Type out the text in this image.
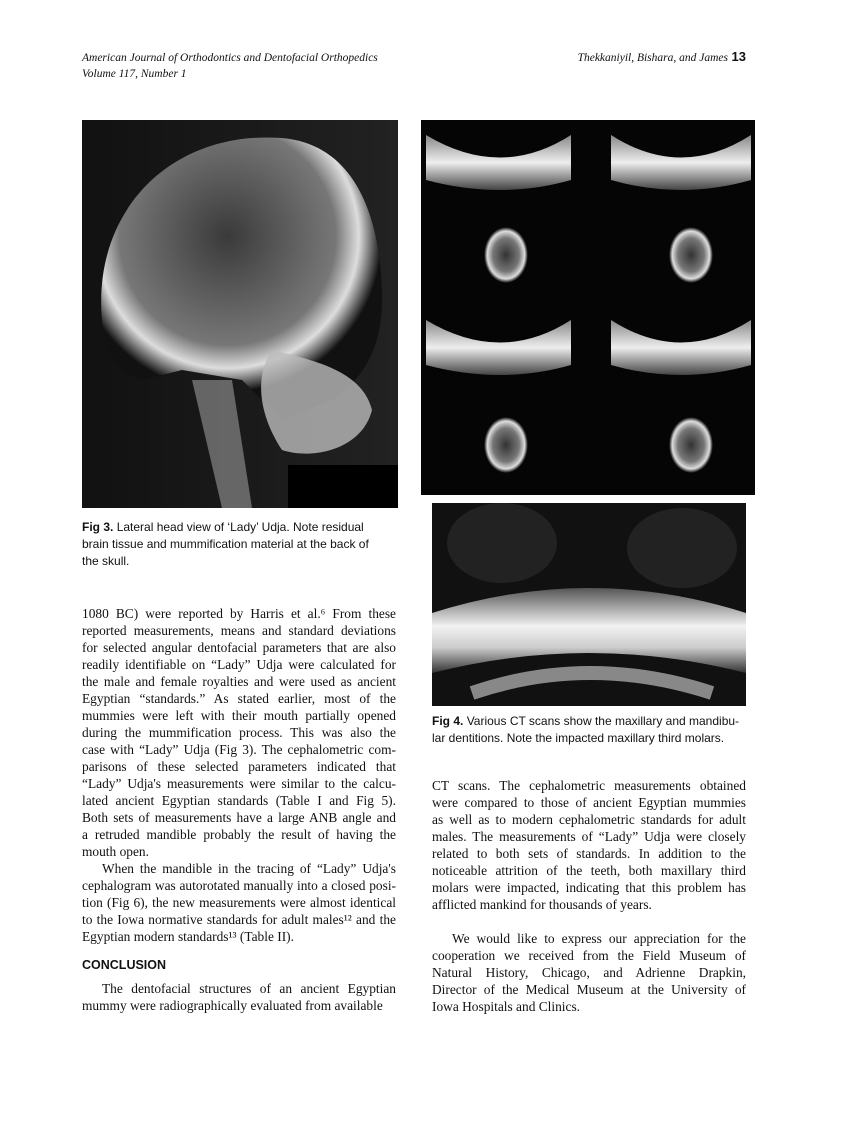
American Journal of Orthodontics and Dentofacial Orthopedics
Volume 117, Number 1
Thekkaniyil, Bishara, and James 13
Fig 3. Lateral head view of ‘Lady’ Udja. Note residual
brain tissue and mummification material at the back of
the skull.
Fig 4. Various CT scans show the maxillary and mandibu-
lar dentitions. Note the impacted maxillary third molars.
1080 BC) were reported by Harris et al.⁶ From these
reported measurements, means and standard deviations
for selected angular dentofacial parameters that are also
readily identifiable on “Lady” Udja were calculated for
the male and female royalties and were used as ancient
Egyptian “standards.” As stated earlier, most of the
mummies were left with their mouth partially opened
during the mummification process. This was also the
case with “Lady” Udja (Fig 3). The cephalometric com-
parisons of these selected parameters indicated that
“Lady” Udja's measurements were similar to the calcu-
lated ancient Egyptian standards (Table I and Fig 5).
Both sets of measurements have a large ANB angle and
a retruded mandible probably the result of having the
mouth open.
When the mandible in the tracing of “Lady” Udja's
cephalogram was autorotated manually into a closed posi-
tion (Fig 6), the new measurements were almost identical
to the Iowa normative standards for adult males¹² and the
Egyptian modern standards¹³ (Table II).
CONCLUSION
The dentofacial structures of an ancient Egyptian
mummy were radiographically evaluated from available
CT scans. The cephalometric measurements obtained
were compared to those of ancient Egyptian mummies
as well as to modern cephalometric standards for adult
males. The measurements of “Lady” Udja were closely
related to both sets of standards. In addition to the
noticeable attrition of the teeth, both maxillary third
molars were impacted, indicating that this problem has
afflicted mankind for thousands of years.
We would like to express our appreciation for the
cooperation we received from the Field Museum of
Natural History, Chicago, and Adrienne Drapkin,
Director of the Medical Museum at the University of
Iowa Hospitals and Clinics.
